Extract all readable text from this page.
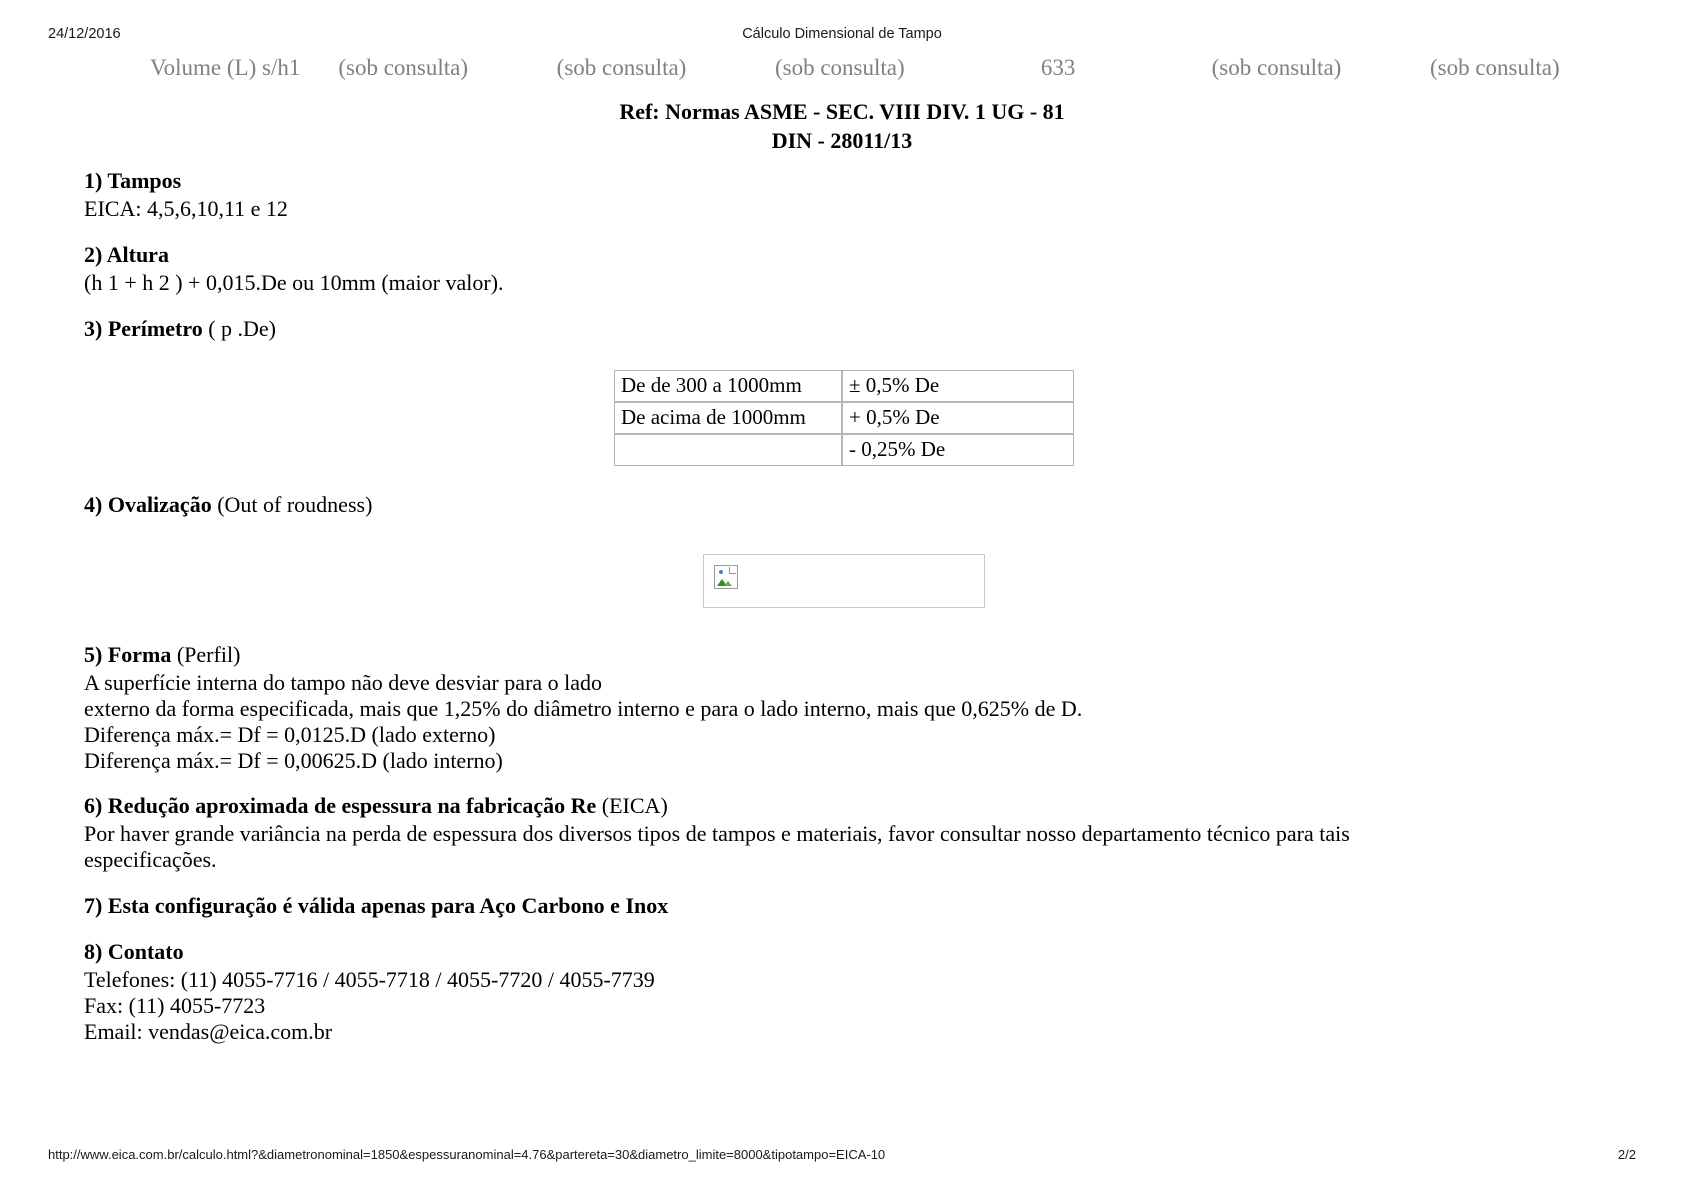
24/12/2016	Cálculo Dimensional de Tampo
Volume (L) s/h1	(sob consulta)	(sob consulta)	(sob consulta)	633	(sob consulta)	(sob consulta)
Ref: Normas ASME - SEC. VIII DIV. 1 UG - 81
DIN - 28011/13
1) Tampos

EICA: 4,5,6,10,11 e 12

2) Altura

(h 1 + h 2 ) + 0,015.De ou 10mm (maior valor).

3) Perímetro ( p .De)
De de 300 a 1000mm	± 0,5% De
De acima de 1000mm	+ 0,5% De
	- 0,25% De
4) Ovalização (Out of roudness)
5) Forma (Perfil)

A superfície interna do tampo não deve desviar para o lado

externo da forma especificada, mais que 1,25% do diâmetro interno e para o lado interno, mais que 0,625% de D.

Diferença máx.= Df = 0,0125.D (lado externo)

Diferença máx.= Df = 0,00625.D (lado interno)

6) Redução aproximada de espessura na fabricação Re (EICA)

Por haver grande variância na perda de espessura dos diversos tipos de tampos e materiais, favor consultar nosso departamento técnico para tais

especificações.

7) Esta configuração é válida apenas para Aço Carbono e Inox
8) Contato

Telefones: (11) 4055-7716 / 4055-7718 / 4055-7720 / 4055-7739

Fax: (11) 4055-7723

Email: vendas@eica.com.br

http://www.eica.com.br/calculo.html?&diametronominal=1850&espessuranominal=4.76&partereta=30&diametro_limite=8000&tipotampo=EICA-10	2/2
